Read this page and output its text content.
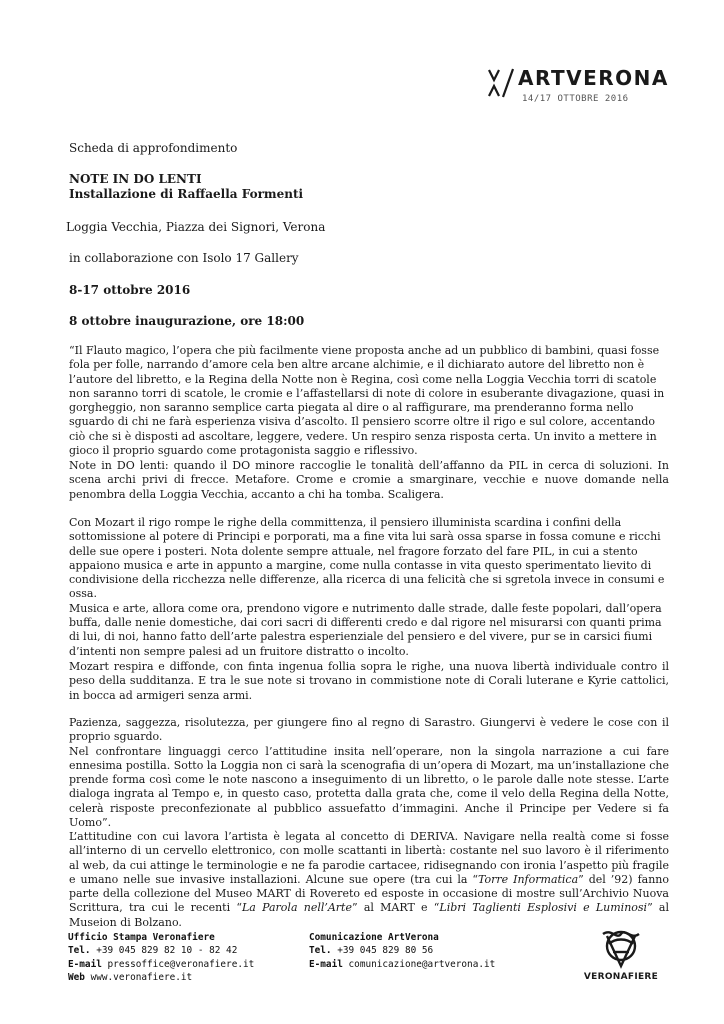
ARTVERONA
14/17 OTTOBRE 2016
Scheda di approfondimento
NOTE IN DO LENTI
Installazione di Raffaella Formenti
Loggia Vecchia, Piazza dei Signori, Verona
in collaborazione con Isolo 17 Gallery
8-17 ottobre 2016
8 ottobre inaugurazione, ore 18:00

“Il Flauto magico, l’opera che più facilmente viene proposta anche ad un pubblico di bambini, quasi fosse fola per folle, narrando d’amore cela ben altre arcane alchimie, e il dichiarato autore del libretto non è l’autore del libretto, e la Regina della Notte non è Regina, così come nella Loggia Vecchia torri di scatole non saranno torri di scatole, le cromie e l’affastellarsi di note di colore in esuberante divagazione, quasi in gorgheggio, non saranno semplice carta piegata al dire o al raffigurare, ma prenderanno forma nello sguardo di chi ne farà esperienza visiva d’ascolto. Il pensiero scorre oltre il rigo e sul colore, accentando ciò che si è disposti ad ascoltare, leggere, vedere. Un respiro senza risposta certa. Un invito a mettere in gioco il proprio sguardo come protagonista saggio e riflessivo.

Note in DO lenti: quando il DO minore raccoglie le tonalità dell’affanno da PIL in cerca di soluzioni. In scena archi privi di frecce. Metafore. Crome e cromie a smarginare, vecchie e nuove domande nella penombra della Loggia Vecchia, accanto a chi ha tomba. Scaligera.

Con Mozart il rigo rompe le righe della committenza, il pensiero illuminista scardina i confini della sottomissione al potere di Principi e porporati, ma a fine vita lui sarà ossa sparse in fossa comune e ricchi delle sue opere i posteri. Nota dolente sempre attuale, nel fragore forzato del fare PIL, in cui a stento appaiono musica e arte in appunto a margine, come nulla contasse in vita questo sperimentato lievito di condivisione della ricchezza nelle differenze, alla ricerca di una felicità che si sgretola invece in consumi e ossa.

Musica e arte, allora come ora, prendono vigore e nutrimento dalle strade, dalle feste popolari, dall’opera buffa, dalle nenie domestiche, dai cori sacri di differenti credo e dal rigore nel misurarsi con quanti prima di lui, di noi, hanno fatto dell’arte palestra esperienziale del pensiero e del vivere, pur se in carsici fiumi d’intenti non sempre palesi ad un fruitore distratto o incolto.

Mozart respira e diffonde, con finta ingenua follia sopra le righe, una nuova libertà individuale contro il peso della sudditanza. E tra le sue note si trovano in commistione note di Corali luterane e Kyrie cattolici, in bocca ad armigeri senza armi.

Pazienza, saggezza, risolutezza, per giungere fino al regno di Sarastro. Giungervi è vedere le cose con il proprio sguardo.

Nel confrontare linguaggi cerco l’attitudine insita nell’operare, non la singola narrazione a cui fare ennesima postilla. Sotto la Loggia non ci sarà la scenografia di un’opera di Mozart, ma un’installazione che prende forma così come le note nascono a inseguimento di un libretto, o le parole dalle note stesse. L’arte dialoga ingrata al Tempo e, in questo caso, protetta dalla grata che, come il velo della Regina della Notte, celerà risposte preconfezionate al pubblico assuefatto d’immagini. Anche il Principe per Vedere si fa Uomo”.

L’attitudine con cui lavora l’artista è legata al concetto di DERIVA. Navigare nella realtà come si fosse all’interno di un cervello elettronico, con molle scattanti in libertà: costante nel suo lavoro è il riferimento al web, da cui attinge le terminologie e ne fa parodie cartacee, ridisegnando con ironia l’aspetto più fragile e umano nelle sue invasive installazioni. Alcune sue opere (tra cui la “Torre Informatica” del ’92) fanno parte della collezione del Museo MART di Rovereto ed esposte in occasione di mostre sull’Archivio Nuova Scrittura, tra cui le recenti “La Parola nell’Arte” al MART e “Libri Taglienti Esplosivi e Luminosi” al Museion di Bolzano.

Ufficio Stampa Veronafiere
Tel. +39 045 829 82 10 - 82 42
E-mail pressoffice@veronafiere.it
Web www.veronafiere.it
Comunicazione ArtVerona
Tel. +39 045 829 80 56
E-mail comunicazione@artverona.it
VERONAFIERE
